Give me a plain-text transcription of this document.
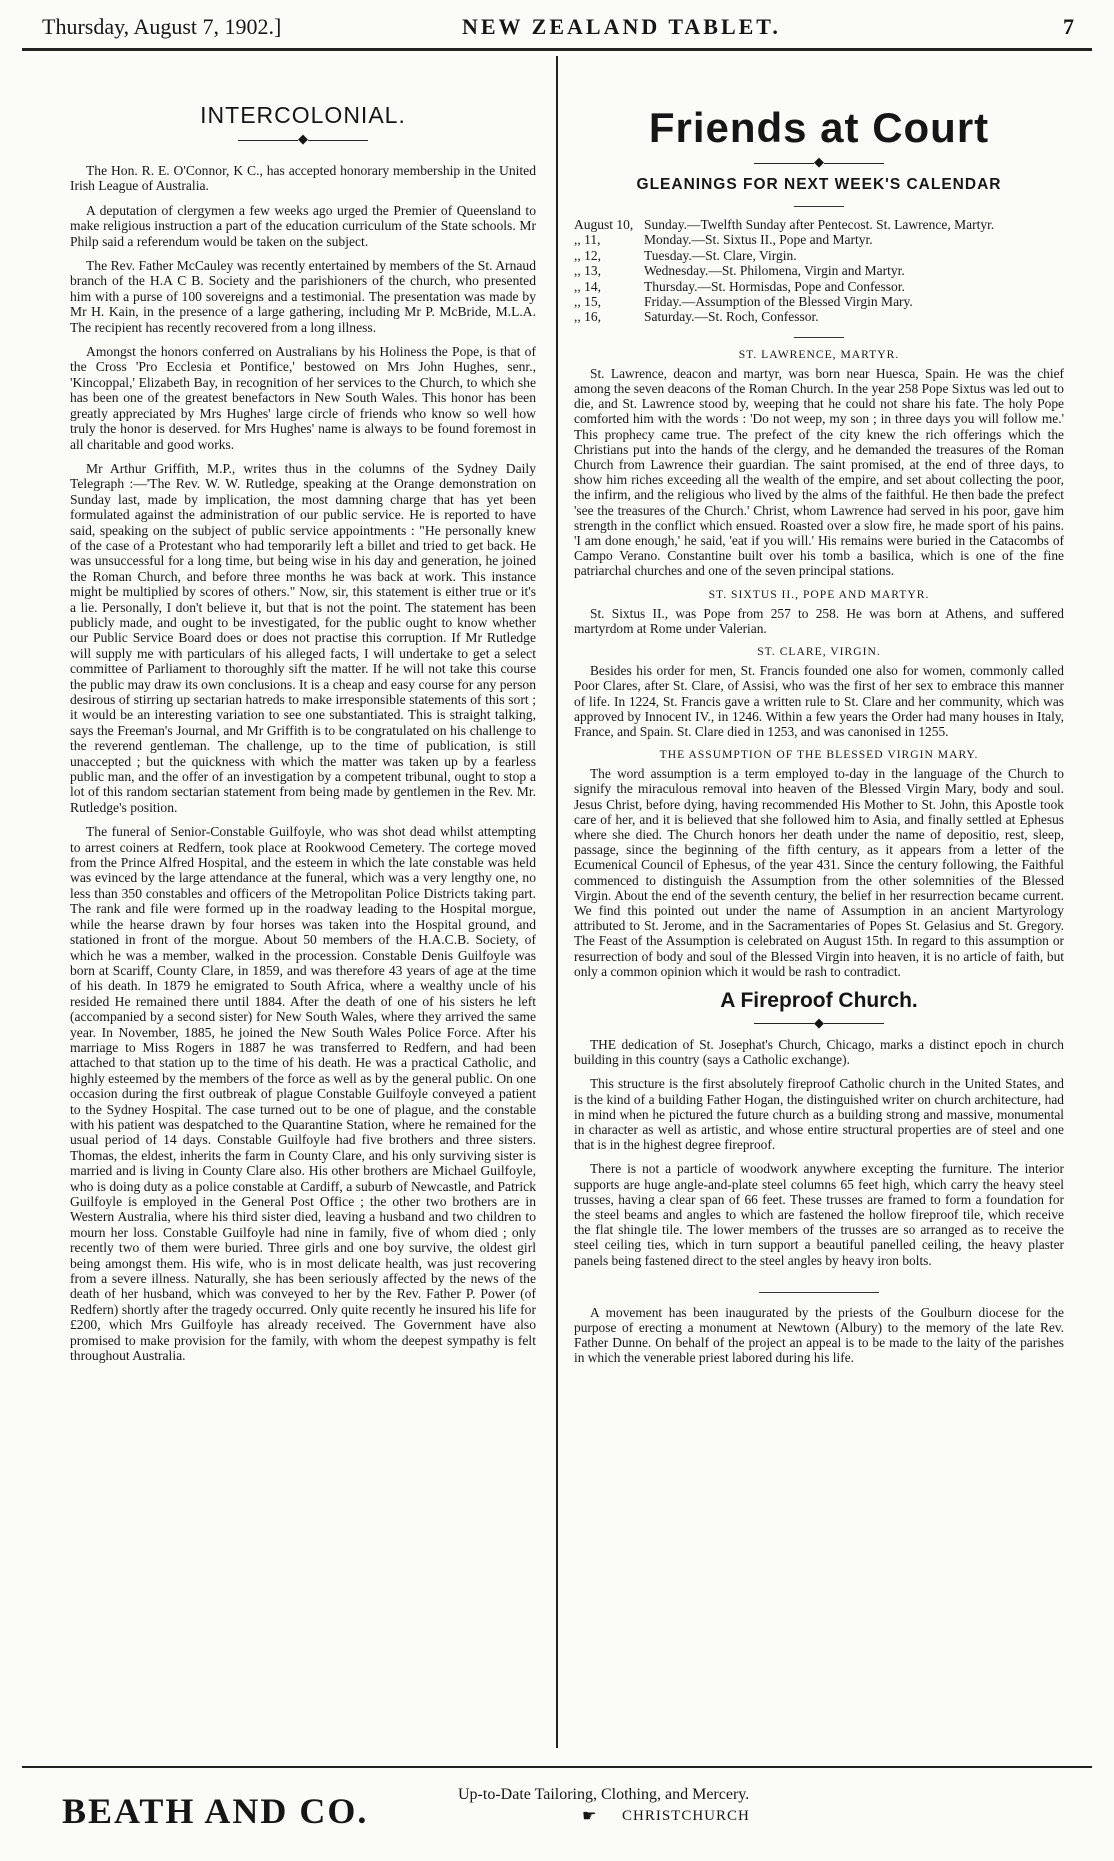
Thursday, August 7, 1902.]	NEW ZEALAND TABLET.	7
INTERCOLONIAL.
◆

The Hon. R. E. O'Connor, K C., has accepted honorary membership in the United Irish League of Australia.

A deputation of clergymen a few weeks ago urged the Premier of Queensland to make religious instruction a part of the education curriculum of the State schools. Mr Philp said a referendum would be taken on the subject.

The Rev. Father McCauley was recently entertained by members of the St. Arnaud branch of the H.A C B. Society and the parishioners of the church, who presented him with a purse of 100 sovereigns and a testimonial. The presentation was made by Mr H. Kain, in the presence of a large gathering, including Mr P. McBride, M.L.A. The recipient has recently recovered from a long illness.

Amongst the honors conferred on Australians by his Holiness the Pope, is that of the Cross 'Pro Ecclesia et Pontifice,' bestowed on Mrs John Hughes, senr., 'Kincoppal,' Elizabeth Bay, in recognition of her services to the Church, to which she has been one of the greatest benefactors in New South Wales. This honor has been greatly appreciated by Mrs Hughes' large circle of friends who know so well how truly the honor is deserved. for Mrs Hughes' name is always to be found foremost in all charitable and good works.

Mr Arthur Griffith, M.P., writes thus in the columns of the Sydney Daily Telegraph :—'The Rev. W. W. Rutledge, speaking at the Orange demonstration on Sunday last, made by implication, the most damning charge that has yet been formulated against the administration of our public service. He is reported to have said, speaking on the subject of public service appointments : "He personally knew of the case of a Protestant who had temporarily left a billet and tried to get back. He was unsuccessful for a long time, but being wise in his day and generation, he joined the Roman Church, and before three months he was back at work. This instance might be multiplied by scores of others." Now, sir, this statement is either true or it's a lie. Personally, I don't believe it, but that is not the point. The statement has been publicly made, and ought to be investigated, for the public ought to know whether our Public Service Board does or does not practise this corruption. If Mr Rutledge will supply me with particulars of his alleged facts, I will undertake to get a select committee of Parliament to thoroughly sift the matter. If he will not take this course the public may draw its own conclusions. It is a cheap and easy course for any person desirous of stirring up sectarian hatreds to make irresponsible statements of this sort ; it would be an interesting variation to see one substantiated. This is straight talking, says the Freeman's Journal, and Mr Griffith is to be congratulated on his challenge to the reverend gentleman. The challenge, up to the time of publication, is still unaccepted ; but the quickness with which the matter was taken up by a fearless public man, and the offer of an investigation by a competent tribunal, ought to stop a lot of this random sectarian statement from being made by gentlemen in the Rev. Mr. Rutledge's position.

The funeral of Senior-Constable Guilfoyle, who was shot dead whilst attempting to arrest coiners at Redfern, took place at Rookwood Cemetery. The cortege moved from the Prince Alfred Hospital, and the esteem in which the late constable was held was evinced by the large attendance at the funeral, which was a very lengthy one, no less than 350 constables and officers of the Metropolitan Police Districts taking part. The rank and file were formed up in the roadway leading to the Hospital morgue, while the hearse drawn by four horses was taken into the Hospital ground, and stationed in front of the morgue. About 50 members of the H.A.C.B. Society, of which he was a member, walked in the procession. Constable Denis Guilfoyle was born at Scariff, County Clare, in 1859, and was therefore 43 years of age at the time of his death. In 1879 he emigrated to South Africa, where a wealthy uncle of his resided He remained there until 1884. After the death of one of his sisters he left (accompanied by a second sister) for New South Wales, where they arrived the same year. In November, 1885, he joined the New South Wales Police Force. After his marriage to Miss Rogers in 1887 he was transferred to Redfern, and had been attached to that station up to the time of his death. He was a practical Catholic, and highly esteemed by the members of the force as well as by the general public. On one occasion during the first outbreak of plague Constable Guilfoyle conveyed a patient to the Sydney Hospital. The case turned out to be one of plague, and the constable with his patient was despatched to the Quarantine Station, where he remained for the usual period of 14 days. Constable Guilfoyle had five brothers and three sisters. Thomas, the eldest, inherits the farm in County Clare, and his only surviving sister is married and is living in County Clare also. His other brothers are Michael Guilfoyle, who is doing duty as a police constable at Cardiff, a suburb of Newcastle, and Patrick Guilfoyle is employed in the General Post Office ; the other two brothers are in Western Australia, where his third sister died, leaving a husband and two children to mourn her loss. Constable Guilfoyle had nine in family, five of whom died ; only recently two of them were buried. Three girls and one boy survive, the oldest girl being amongst them. His wife, who is in most delicate health, was just recovering from a severe illness. Naturally, she has been seriously affected by the news of the death of her husband, which was conveyed to her by the Rev. Father P. Power (of Redfern) shortly after the tragedy occurred. Only quite recently he insured his life for £200, which Mrs Guilfoyle has already received. The Government have also promised to make provision for the family, with whom the deepest sympathy is felt throughout Australia.

Friends at Court
◆

GLEANINGS FOR NEXT WEEK'S CALENDAR

August 10, Sunday.—Twelfth Sunday after Pentecost. St. Lawrence, Martyr.
,, 11,	Monday.—St. Sixtus II., Pope and Martyr.
,, 12,	Tuesday.—St. Clare, Virgin.
,, 13,	Wednesday.—St. Philomena, Virgin and Martyr.
,, 14,	Thursday.—St. Hormisdas, Pope and Confessor.
,, 15,	Friday.—Assumption of the Blessed Virgin Mary.
,, 16,	Saturday.—St. Roch, Confessor.
ST. LAWRENCE, MARTYR.

St. Lawrence, deacon and martyr, was born near Huesca, Spain. He was the chief among the seven deacons of the Roman Church. In the year 258 Pope Sixtus was led out to die, and St. Lawrence stood by, weeping that he could not share his fate. The holy Pope comforted him with the words : 'Do not weep, my son ; in three days you will follow me.' This prophecy came true. The prefect of the city knew the rich offerings which the Christians put into the hands of the clergy, and he demanded the treasures of the Roman Church from Lawrence their guardian. The saint promised, at the end of three days, to show him riches exceeding all the wealth of the empire, and set about collecting the poor, the infirm, and the religious who lived by the alms of the faithful. He then bade the prefect 'see the treasures of the Church.' Christ, whom Lawrence had served in his poor, gave him strength in the conflict which ensued. Roasted over a slow fire, he made sport of his pains. 'I am done enough,' he said, 'eat if you will.' His remains were buried in the Catacombs of Campo Verano. Constantine built over his tomb a basilica, which is one of the fine patriarchal churches and one of the seven principal stations.

ST. SIXTUS II., POPE AND MARTYR.

St. Sixtus II., was Pope from 257 to 258. He was born at Athens, and suffered martyrdom at Rome under Valerian.

ST. CLARE, VIRGIN.

Besides his order for men, St. Francis founded one also for women, commonly called Poor Clares, after St. Clare, of Assisi, who was the first of her sex to embrace this manner of life. In 1224, St. Francis gave a written rule to St. Clare and her community, which was approved by Innocent IV., in 1246. Within a few years the Order had many houses in Italy, France, and Spain. St. Clare died in 1253, and was canonised in 1255.

THE ASSUMPTION OF THE BLESSED VIRGIN MARY.

The word assumption is a term employed to-day in the language of the Church to signify the miraculous removal into heaven of the Blessed Virgin Mary, body and soul. Jesus Christ, before dying, having recommended His Mother to St. John, this Apostle took care of her, and it is believed that she followed him to Asia, and finally settled at Ephesus where she died. The Church honors her death under the name of depositio, rest, sleep, passage, since the beginning of the fifth century, as it appears from a letter of the Ecumenical Council of Ephesus, of the year 431. Since the century following, the Faithful commenced to distinguish the Assumption from the other solemnities of the Blessed Virgin. About the end of the seventh century, the belief in her resurrection became current. We find this pointed out under the name of Assumption in an ancient Martyrology attributed to St. Jerome, and in the Sacramentaries of Popes St. Gelasius and St. Gregory. The Feast of the Assumption is celebrated on August 15th. In regard to this assumption or resurrection of body and soul of the Blessed Virgin into heaven, it is no article of faith, but only a common opinion which it would be rash to contradict.

A Fireproof Church.
◆

THE dedication of St. Josephat's Church, Chicago, marks a distinct epoch in church building in this country (says a Catholic exchange).

This structure is the first absolutely fireproof Catholic church in the United States, and is the kind of a building Father Hogan, the distinguished writer on church architecture, had in mind when he pictured the future church as a building strong and massive, monumental in character as well as artistic, and whose entire structural properties are of steel and one that is in the highest degree fireproof.

There is not a particle of woodwork anywhere excepting the furniture. The interior supports are huge angle-and-plate steel columns 65 feet high, which carry the heavy steel trusses, having a clear span of 66 feet. These trusses are framed to form a foundation for the steel beams and angles to which are fastened the hollow fireproof tile, which receive the flat shingle tile. The lower members of the trusses are so arranged as to receive the steel ceiling ties, which in turn support a beautiful panelled ceiling, the heavy plaster panels being fastened direct to the steel angles by heavy iron bolts.

A movement has been inaugurated by the priests of the Goulburn diocese for the purpose of erecting a monument at Newtown (Albury) to the memory of the late Rev. Father Dunne. On behalf of the project an appeal is to be made to the laity of the parishes in which the venerable priest labored during his life.

BEATH AND CO.	Up-to-Date Tailoring, Clothing, and Mercery.
☛ CHRISTCHURCH
